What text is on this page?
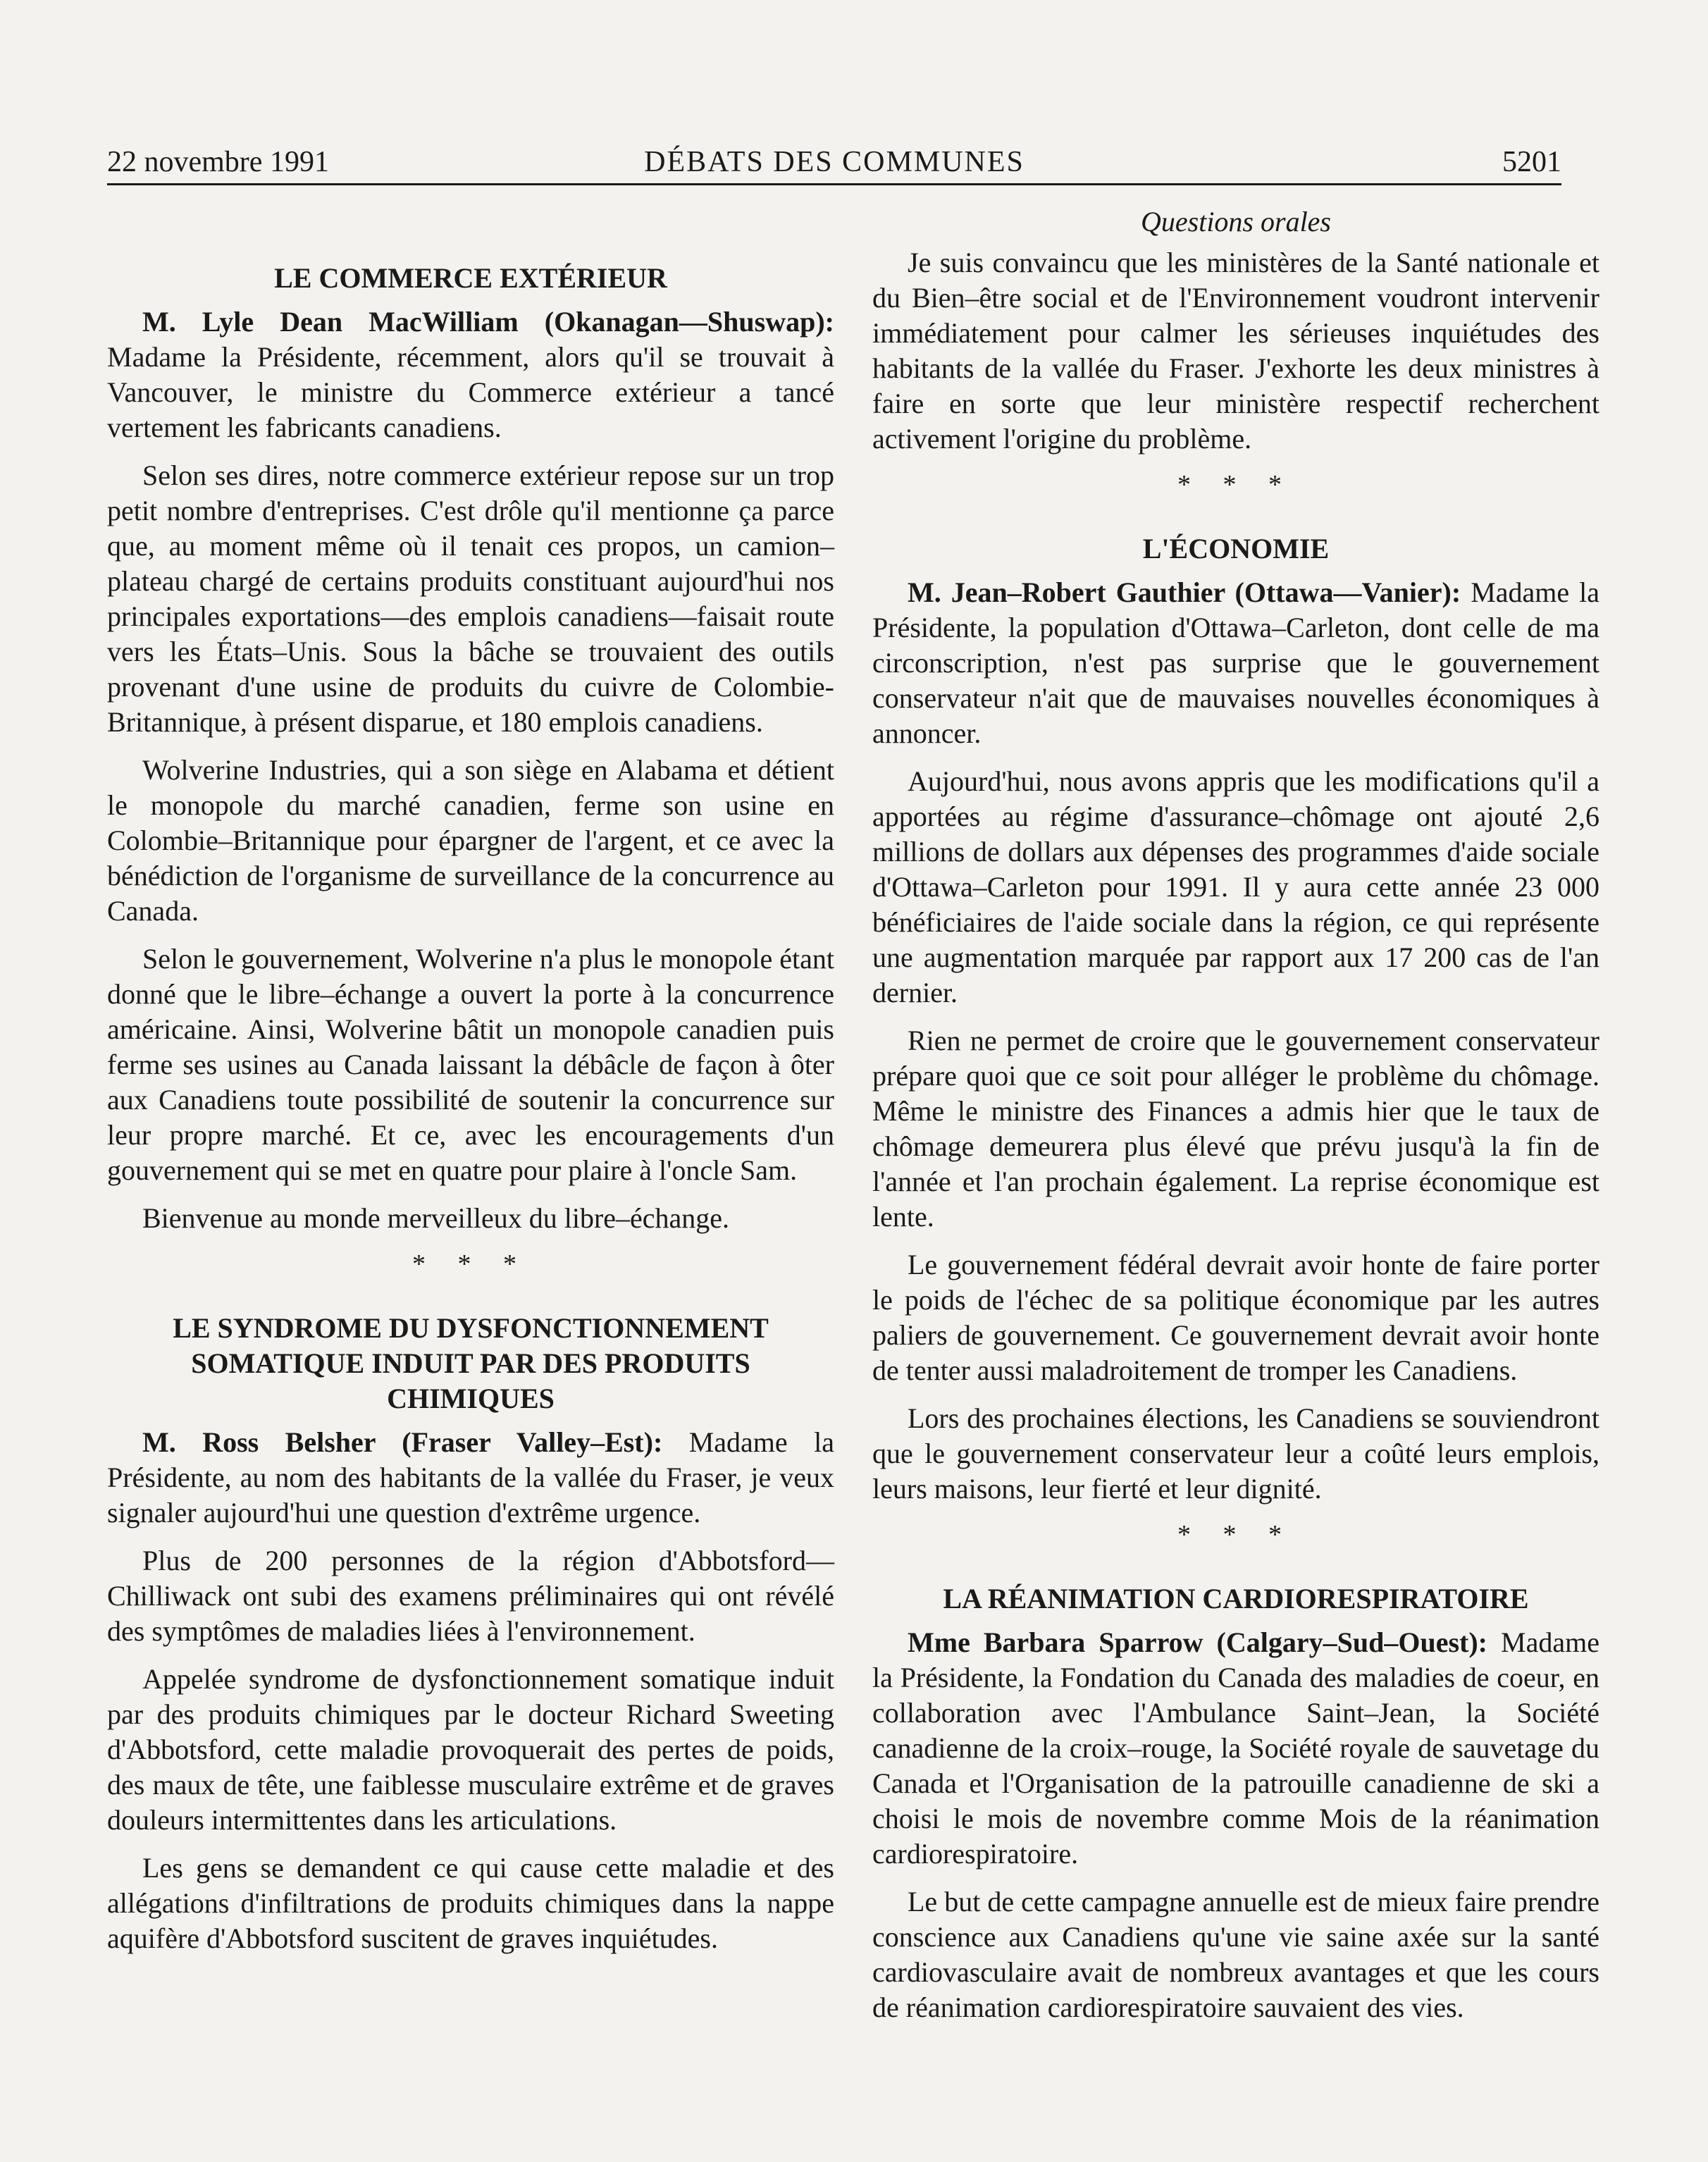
22 novembre 1991	DÉBATS DES COMMUNES	5201
LE COMMERCE EXTÉRIEUR

M. Lyle Dean MacWilliam (Okanagan—Shuswap): Madame la Présidente, récemment, alors qu'il se trouvait à Vancouver, le ministre du Commerce extérieur a tancé vertement les fabricants canadiens.

Selon ses dires, notre commerce extérieur repose sur un trop petit nombre d'entreprises. C'est drôle qu'il mentionne ça parce que, au moment même où il tenait ces propos, un camion–plateau chargé de certains produits constituant aujourd'hui nos principales exportations—des emplois canadiens—faisait route vers les États–Unis. Sous la bâche se trouvaient des outils provenant d'une usine de produits du cuivre de Colombie-Britannique, à présent disparue, et 180 emplois canadiens.

Wolverine Industries, qui a son siège en Alabama et détient le monopole du marché canadien, ferme son usine en Colombie–Britannique pour épargner de l'argent, et ce avec la bénédiction de l'organisme de surveillance de la concurrence au Canada.

Selon le gouvernement, Wolverine n'a plus le monopole étant donné que le libre–échange a ouvert la porte à la concurrence américaine. Ainsi, Wolverine bâtit un monopole canadien puis ferme ses usines au Canada laissant la débâcle de façon à ôter aux Canadiens toute possibilité de soutenir la concurrence sur leur propre marché. Et ce, avec les encouragements d'un gouvernement qui se met en quatre pour plaire à l'oncle Sam.

Bienvenue au monde merveilleux du libre–échange.

* * *
LE SYNDROME DU DYSFONCTIONNEMENT SOMATIQUE INDUIT PAR DES PRODUITS CHIMIQUES

M. Ross Belsher (Fraser Valley–Est): Madame la Présidente, au nom des habitants de la vallée du Fraser, je veux signaler aujourd'hui une question d'extrême urgence.

Plus de 200 personnes de la région d'Abbotsford—Chilliwack ont subi des examens préliminaires qui ont révélé des symptômes de maladies liées à l'environnement.

Appelée syndrome de dysfonctionnement somatique induit par des produits chimiques par le docteur Richard Sweeting d'Abbotsford, cette maladie provoquerait des pertes de poids, des maux de tête, une faiblesse musculaire extrême et de graves douleurs intermittentes dans les articulations.

Les gens se demandent ce qui cause cette maladie et des allégations d'infiltrations de produits chimiques dans la nappe aquifère d'Abbotsford suscitent de graves inquiétudes.

Questions orales

Je suis convaincu que les ministères de la Santé nationale et du Bien–être social et de l'Environnement voudront intervenir immédiatement pour calmer les sérieuses inquiétudes des habitants de la vallée du Fraser. J'exhorte les deux ministres à faire en sorte que leur ministère respectif recherchent activement l'origine du problème.

* * *
L'ÉCONOMIE

M. Jean–Robert Gauthier (Ottawa—Vanier): Madame la Présidente, la population d'Ottawa–Carleton, dont celle de ma circonscription, n'est pas surprise que le gouvernement conservateur n'ait que de mauvaises nouvelles économiques à annoncer.

Aujourd'hui, nous avons appris que les modifications qu'il a apportées au régime d'assurance–chômage ont ajouté 2,6 millions de dollars aux dépenses des programmes d'aide sociale d'Ottawa–Carleton pour 1991. Il y aura cette année 23 000 bénéficiaires de l'aide sociale dans la région, ce qui représente une augmentation marquée par rapport aux 17 200 cas de l'an dernier.

Rien ne permet de croire que le gouvernement conservateur prépare quoi que ce soit pour alléger le problème du chômage. Même le ministre des Finances a admis hier que le taux de chômage demeurera plus élevé que prévu jusqu'à la fin de l'année et l'an prochain également. La reprise économique est lente.

Le gouvernement fédéral devrait avoir honte de faire porter le poids de l'échec de sa politique économique par les autres paliers de gouvernement. Ce gouvernement devrait avoir honte de tenter aussi maladroitement de tromper les Canadiens.

Lors des prochaines élections, les Canadiens se souviendront que le gouvernement conservateur leur a coûté leurs emplois, leurs maisons, leur fierté et leur dignité.

* * *
LA RÉANIMATION CARDIORESPIRATOIRE

Mme Barbara Sparrow (Calgary–Sud–Ouest): Madame la Présidente, la Fondation du Canada des maladies de coeur, en collaboration avec l'Ambulance Saint–Jean, la Société canadienne de la croix–rouge, la Société royale de sauvetage du Canada et l'Organisation de la patrouille canadienne de ski a choisi le mois de novembre comme Mois de la réanimation cardiorespiratoire.

Le but de cette campagne annuelle est de mieux faire prendre conscience aux Canadiens qu'une vie saine axée sur la santé cardiovasculaire avait de nombreux avantages et que les cours de réanimation cardiorespiratoire sauvaient des vies.
